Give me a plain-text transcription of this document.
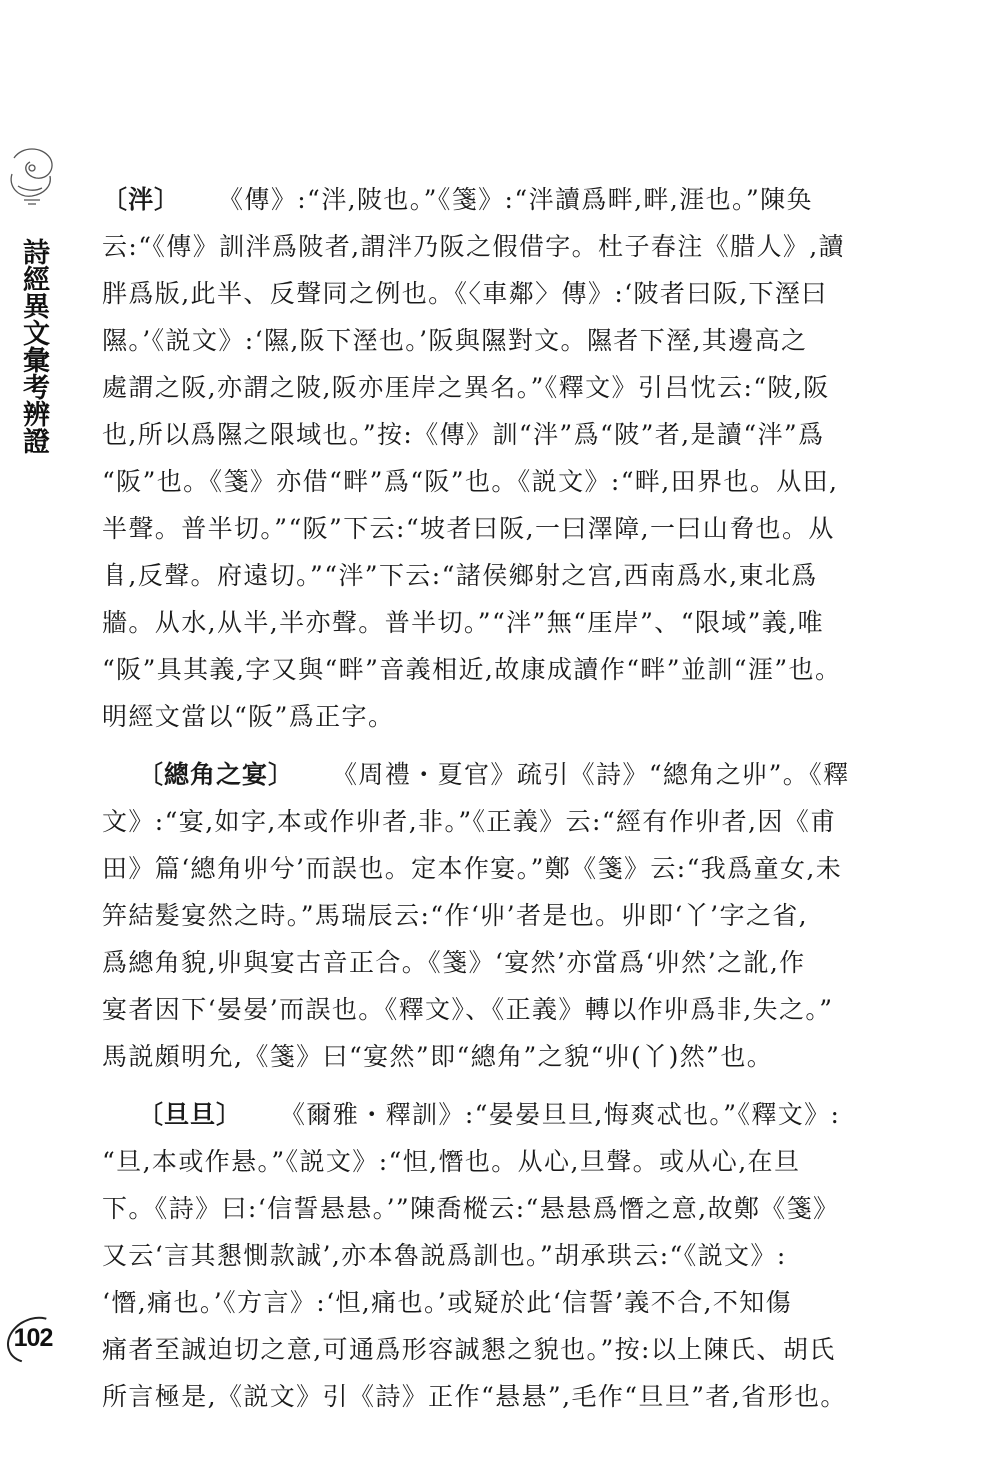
詩經異文彙考辨證
102
〔泮〕 《傳》:“泮,陂也。”《箋》:“泮讀爲畔,畔,涯也。”陳奂
云:“《傳》訓泮爲陂者,謂泮乃阪之假借字。杜子春注《腊人》,讀
胖爲版,此半、反聲同之例也。《〈車鄰〉傳》:‘陂者曰阪,下溼曰
隰。’《説文》:‘隰,阪下溼也。’阪與隰對文。隰者下溼,其邊高之
處謂之阪,亦謂之陂,阪亦厓岸之異名。”《釋文》引吕忱云:“陂,阪
也,所以爲隰之限域也。”按:《傳》訓“泮”爲“陂”者,是讀“泮”爲
“阪”也。《箋》亦借“畔”爲“阪”也。《説文》:“畔,田界也。从田,
半聲。普半切。”“阪”下云:“坡者曰阪,一曰澤障,一曰山脅也。从
𨸏,反聲。府遠切。”“泮”下云:“諸侯鄉射之宫,西南爲水,東北爲
牆。从水,从半,半亦聲。普半切。”“泮”無“厓岸”、“限域”義,唯
“阪”具其義,字又與“畔”音義相近,故康成讀作“畔”並訓“涯”也。
明經文當以“阪”爲正字。
〔總角之宴〕 《周禮・夏官》疏引《詩》“總角之丱”。《釋
文》:“宴,如字,本或作丱者,非。”《正義》云:“經有作丱者,因《甫
田》篇‘總角丱兮’而誤也。定本作宴。”鄭《箋》云:“我爲童女,未
笄結髮宴然之時。”馬瑞辰云:“作‘丱’者是也。丱即‘丫’字之省,
爲總角貌,丱與宴古音正合。《箋》‘宴然’亦當爲‘丱然’之訛,作
宴者因下‘晏晏’而誤也。《釋文》、《正義》轉以作丱爲非,失之。”
馬説頗明允,《箋》曰“宴然”即“總角”之貌“丱(丫)然”也。
〔旦旦〕 《爾雅・釋訓》:“晏晏旦旦,悔爽忒也。”《釋文》:
“旦,本或作悬。”《説文》:“怛,憯也。从心,旦聲。或从心,在旦
下。《詩》曰:‘信誓悬悬。’”陳喬樅云:“悬悬爲憯之意,故鄭《箋》
又云‘言其懇惻款誠’,亦本魯説爲訓也。”胡承珙云:“《説文》:
‘憯,痛也。’《方言》:‘怛,痛也。’或疑於此‘信誓’義不合,不知傷
痛者至誠迫切之意,可通爲形容誠懇之貌也。”按:以上陳氏、胡氏
所言極是,《説文》引《詩》正作“悬悬”,毛作“旦旦”者,省形也。
